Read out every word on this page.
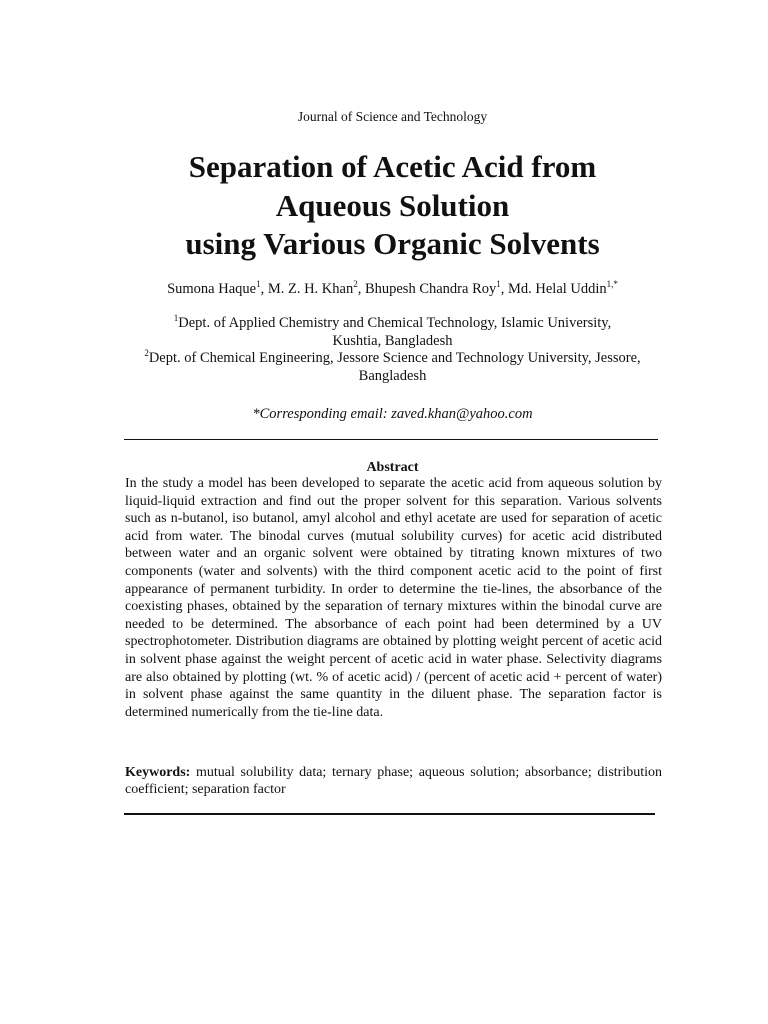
Journal of Science and Technology
Separation of Acetic Acid from
Aqueous Solution
using Various Organic Solvents
Sumona Haque$^1$, M. Z. H. Khan$^2$, Bhupesh Chandra Roy$^1$, Md. Helal Uddin$^{1,*}$
$^1$Dept. of Applied Chemistry and Chemical Technology, Islamic University,
Kushtia, Bangladesh
$^2$Dept. of Chemical Engineering, Jessore Science and Technology University, Jessore,
Bangladesh
*Corresponding email: zaved.khan@yahoo.com
Abstract

In the study a model has been developed to separate the acetic acid from aqueous solution by liquid-liquid extraction and find out the proper solvent for this separation. Various solvents such as n-butanol, iso butanol, amyl alcohol and ethyl acetate are used for separation of acetic acid from water. The binodal curves (mutual solubility curves) for acetic acid distributed between water and an organic solvent were obtained by titrating known mixtures of two components (water and solvents) with the third component acetic acid to the point of first appearance of permanent turbidity. In order to determine the tie-lines, the absorbance of the coexisting phases, obtained by the separation of ternary mixtures within the binodal curve are needed to be determined. The absorbance of each point had been determined by a UV spectrophotometer. Distribution diagrams are obtained by plotting weight percent of acetic acid in solvent phase against the weight percent of acetic acid in water phase. Selectivity diagrams are also obtained by plotting (wt. % of acetic acid) / (percent of acetic acid + percent of water) in solvent phase against the same quantity in the diluent phase. The separation factor is determined numerically from the tie-line data.

Keywords: mutual solubility data; ternary phase; aqueous solution; absorbance; distribution coefficient; separation factor
